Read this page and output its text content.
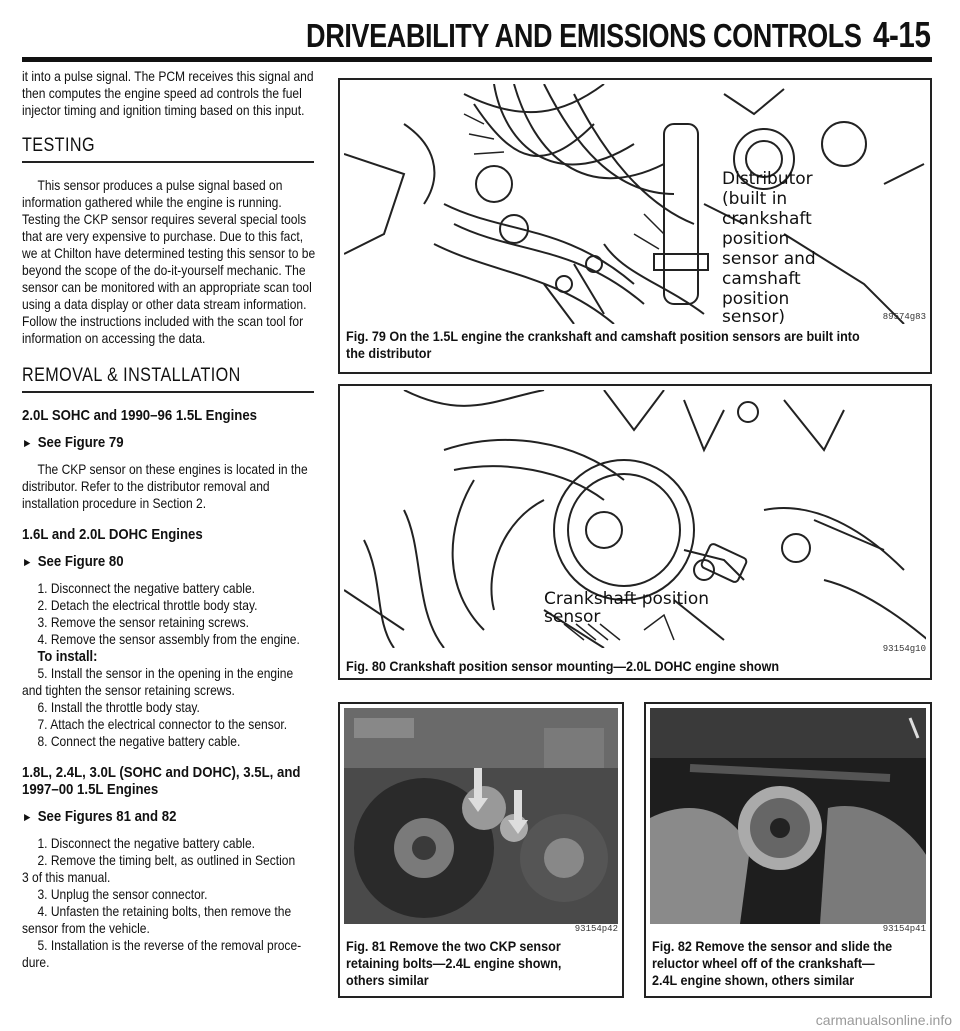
DRIVEABILITY AND EMISSIONS CONTROLS 4-15
it into a pulse signal. The PCM receives this signal and then computes the engine speed ad controls the fuel injector timing and ignition timing based on this input.
TESTING
This sensor produces a pulse signal based on information gathered while the engine is running. Testing the CKP sensor requires several special tools that are very expensive to purchase. Due to this fact, we at Chilton have determined testing this sensor to be beyond the scope of the do-it-yourself mechanic. The sensor can be monitored with an appropriate scan tool using a data display or other data stream information. Follow the instructions included with the scan tool for information on accessing the data.
REMOVAL & INSTALLATION
2.0L SOHC and 1990–96 1.5L Engines
► See Figure 79
The CKP sensor on these engines is located in the distributor. Refer to the distributor removal and installation procedure in Section 2.
1.6L and 2.0L DOHC Engines
► See Figure 80
1. Disconnect the negative battery cable.
2. Detach the electrical throttle body stay.
3. Remove the sensor retaining screws.
4. Remove the sensor assembly from the engine.
To install:
5. Install the sensor in the opening in the engine
and tighten the sensor retaining screws.
6. Install the throttle body stay.
7. Attach the electrical connector to the sensor.
8. Connect the negative battery cable.
1.8L, 2.4L, 3.0L (SOHC and DOHC), 3.5L, and 1997–00 1.5L Engines
► See Figures 81 and 82
1. Disconnect the negative battery cable.
2. Remove the timing belt, as outlined in Section
3 of this manual.
3. Unplug the sensor connector.
4. Unfasten the retaining bolts, then remove the
sensor from the vehicle.
5. Installation is the reverse of the removal proce-
dure.
Distributor
(built in
crankshaft
position
sensor and
camshaft
position
sensor)	89574g83
Fig. 79 On the 1.5L engine the crankshaft and camshaft position sensors are built into the distributor
Crankshaft position
sensor
93154g10
Fig. 80 Crankshaft position sensor mounting—2.0L DOHC engine shown
93154p42
Fig. 81 Remove the two CKP sensor retaining bolts—2.4L engine shown, others similar
93154p41
Fig. 82 Remove the sensor and slide the reluctor wheel off of the crankshaft—2.4L engine shown, others similar
carmanualsonline.info
